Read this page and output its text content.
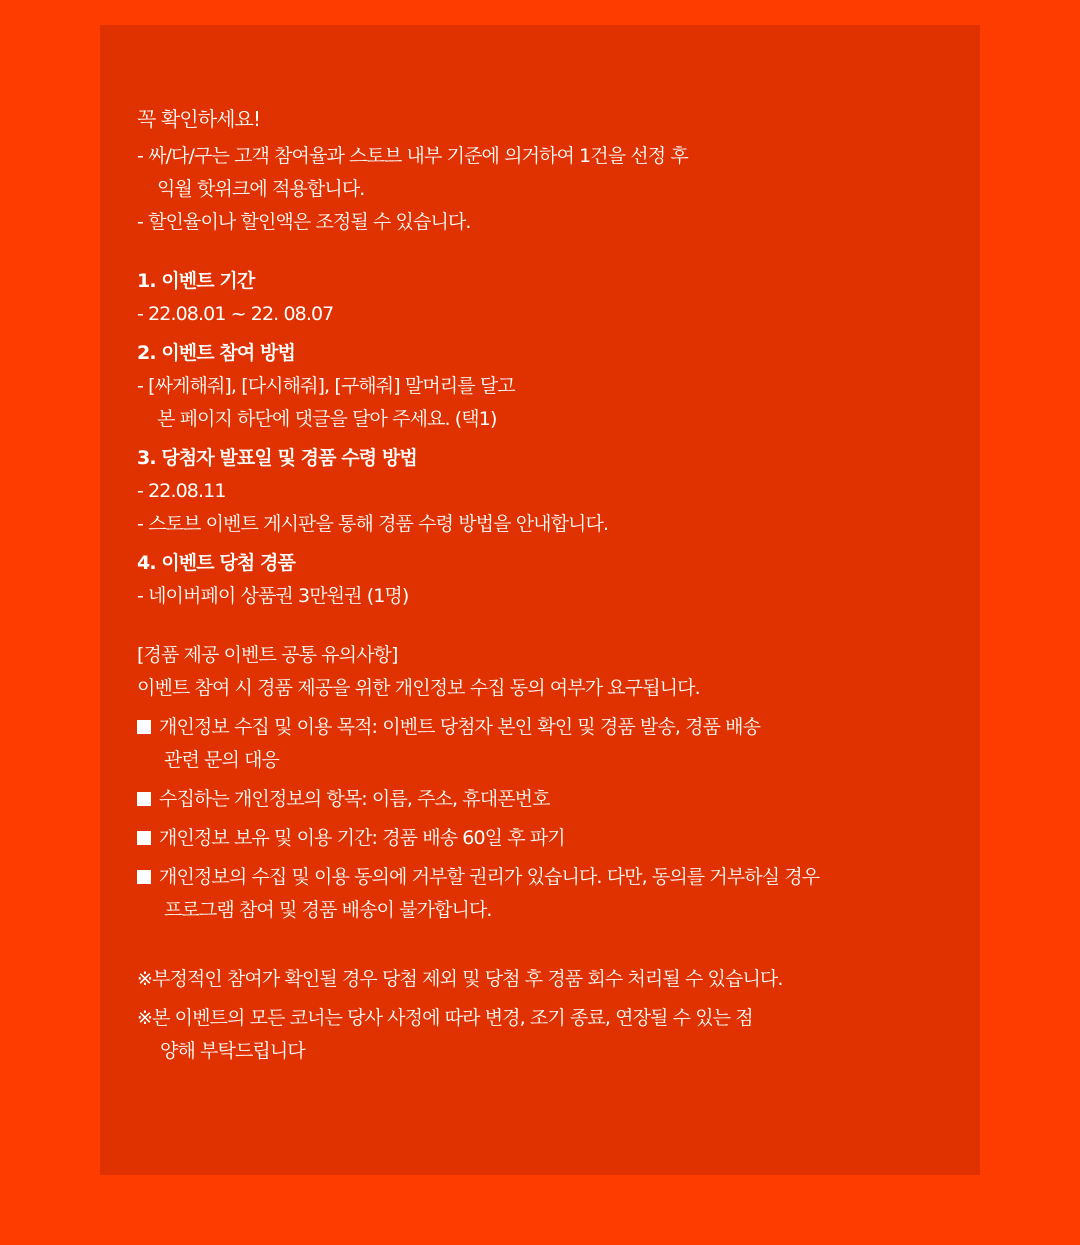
꼭 확인하세요!
- 싸/다/구는 고객 참여율과 스토브 내부 기준에 의거하여 1건을 선정 후
익월 핫위크에 적용합니다.
- 할인율이나 할인액은 조정될 수 있습니다.
1. 이벤트 기간
- 22.08.01 ~ 22. 08.07
2. 이벤트 참여 방법
- [싸게해줘], [다시해줘], [구해줘] 말머리를 달고
본 페이지 하단에 댓글을 달아 주세요. (택1)
3. 당첨자 발표일 및 경품 수령 방법
- 22.08.11
- 스토브 이벤트 게시판을 통해 경품 수령 방법을 안내합니다.
4. 이벤트 당첨 경품
- 네이버페이 상품권 3만원권 (1명)
[경품 제공 이벤트 공통 유의사항]
이벤트 참여 시 경품 제공을 위한 개인정보 수집 동의 여부가 요구됩니다.
개인정보 수집 및 이용 목적: 이벤트 당첨자 본인 확인 및 경품 발송, 경품 배송
관련 문의 대응
수집하는 개인정보의 항목: 이름, 주소, 휴대폰번호
개인정보 보유 및 이용 기간: 경품 배송 60일 후 파기
개인정보의 수집 및 이용 동의에 거부할 권리가 있습니다. 다만, 동의를 거부하실 경우
프로그램 참여 및 경품 배송이 불가합니다.
※부정적인 참여가 확인될 경우 당첨 제외 및 당첨 후 경품 회수 처리될 수 있습니다.
※본 이벤트의 모든 코너는 당사 사정에 따라 변경, 조기 종료, 연장될 수 있는 점
양해 부탁드립니다
